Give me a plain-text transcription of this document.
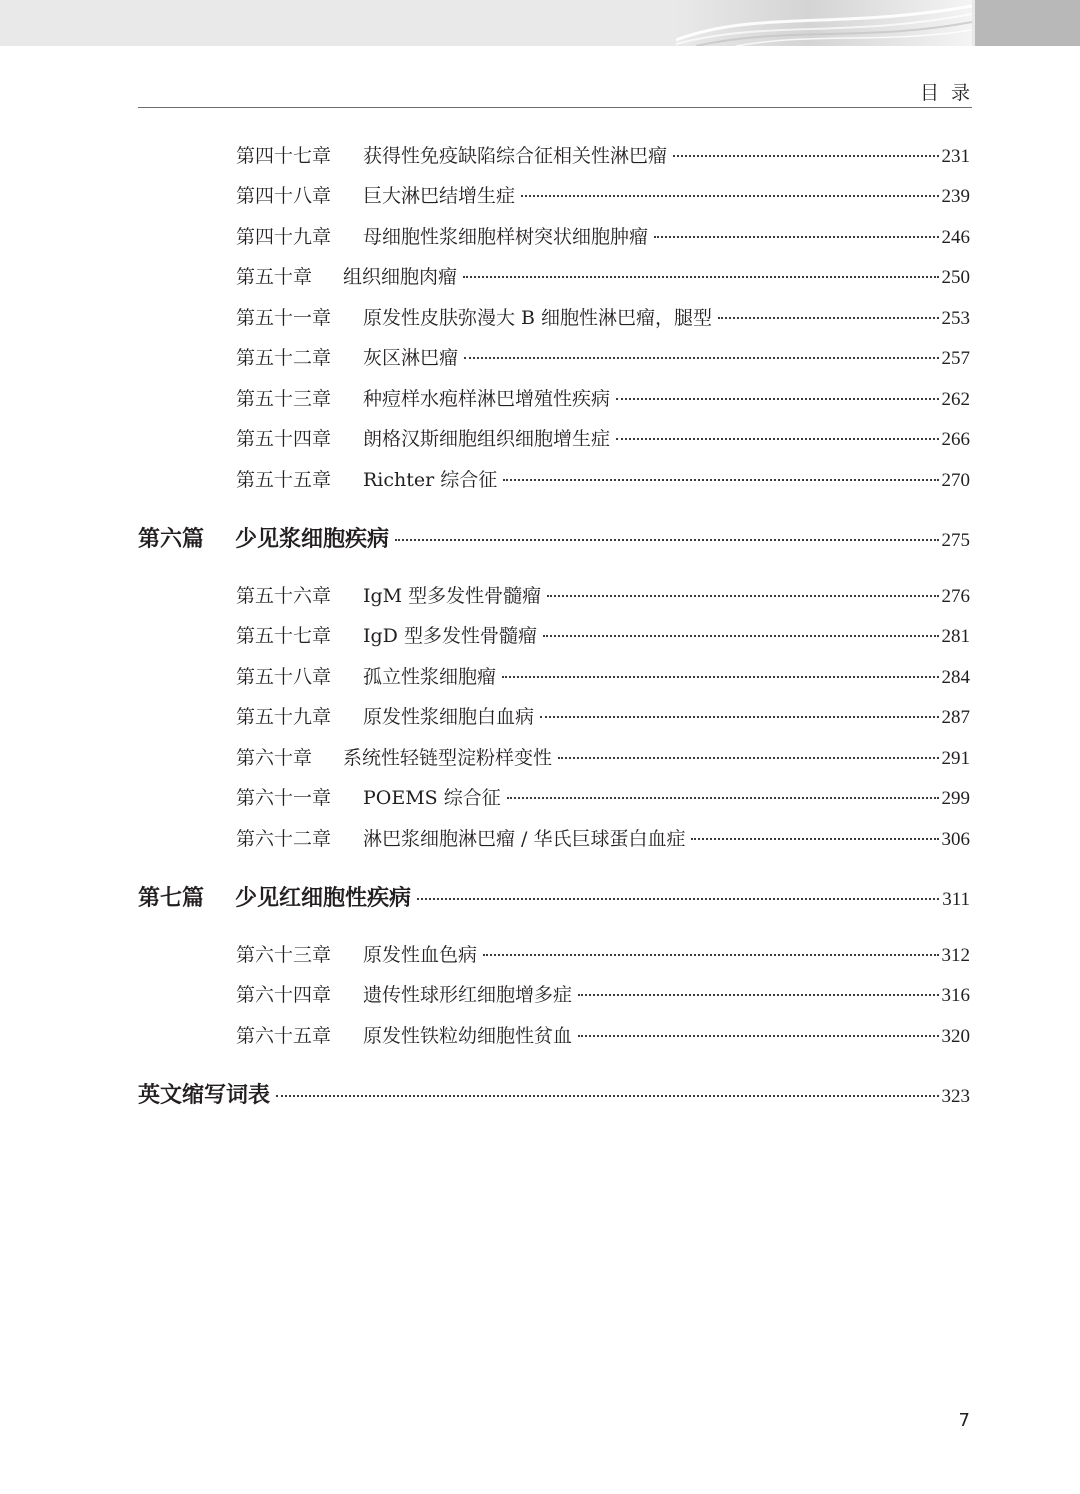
目录
第四十七章	获得性免疫缺陷综合征相关性淋巴瘤	231
第四十八章	巨大淋巴结增生症	239
第四十九章	母细胞性浆细胞样树突状细胞肿瘤	246
第五十章	组织细胞肉瘤	250
第五十一章	原发性皮肤弥漫大 B 细胞性淋巴瘤，腿型	253
第五十二章	灰区淋巴瘤	257
第五十三章	种痘样水疱样淋巴增殖性疾病	262
第五十四章	朗格汉斯细胞组织细胞增生症	266
第五十五章	Richter 综合征	270
第六篇	少见浆细胞疾病	275
第五十六章	IgM 型多发性骨髓瘤	276
第五十七章	IgD 型多发性骨髓瘤	281
第五十八章	孤立性浆细胞瘤	284
第五十九章	原发性浆细胞白血病	287
第六十章	系统性轻链型淀粉样变性	291
第六十一章	POEMS 综合征	299
第六十二章	淋巴浆细胞淋巴瘤 / 华氏巨球蛋白血症	306
第七篇	少见红细胞性疾病	311
第六十三章	原发性血色病	312
第六十四章	遗传性球形红细胞增多症	316
第六十五章	原发性铁粒幼细胞性贫血	320
英文缩写词表	323
7
